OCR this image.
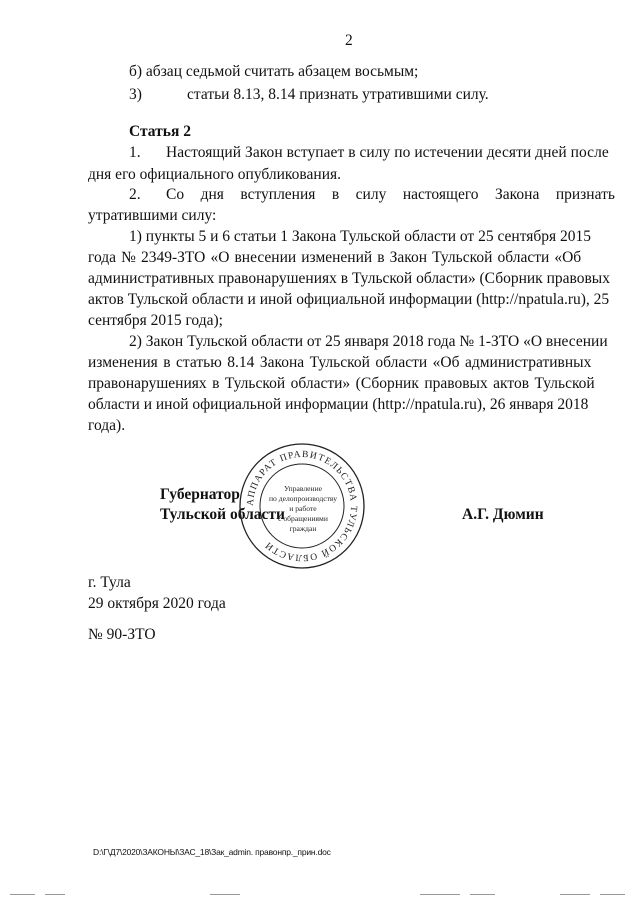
2
б) абзац седьмой считать абзацем восьмым;
3)	статьи 8.13, 8.14 признать утратившими силу.
Статья 2
1. Настоящий Закон вступает в силу по истечении десяти дней после
дня его официального опубликования.
2. Со дня вступления в силу настоящего Закона признать
утратившими силу:
1) пункты 5 и 6 статьи 1 Закона Тульской области от 25 сентября 2015
года № 2349-ЗТО «О внесении изменений в Закон Тульской области «Об
административных правонарушениях в Тульской области» (Сборник правовых
актов Тульской области и иной официальной информации (http://npatula.ru), 25
сентября 2015 года);
2) Закон Тульской области от 25 января 2018 года № 1-ЗТО «О внесении
изменения в статью 8.14 Закона Тульской области «Об административных
правонарушениях в Тульской области» (Сборник правовых актов Тульской
области и иной официальной информации (http://npatula.ru), 26 января 2018
года).
Губернатор
Тульской области	А.Г. Дюмин
АППАРАТ ПРАВИТЕЛЬСТВА ТУЛЬСКОЙ ОБЛАСТИ
Управление
по делопроизводству
и работе
с обращениями
граждан
г. Тула
29 октября 2020 года
№ 90-ЗТО
D:\Г\Д7\2020\ЗАКОНЫ\ЗАС_18\Зак_admin. правонпр._прин.doc
